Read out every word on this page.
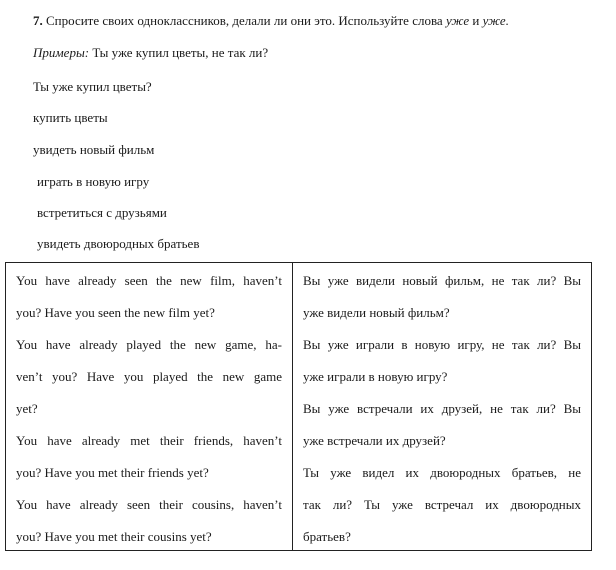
7. Спросите своих одноклассников, делали ли они это. Используйте слова уже и уже.
Примеры: Ты уже купил цветы, не так ли?
Ты уже купил цветы?
купить цветы
увидеть новый фильм
играть в новую игру
встретиться с друзьями
увидеть двоюродных братьев
You have already seen the new film, haven’t
you? Have you seen the new film yet?
You have already played the new game, ha-
ven’t you? Have you played the new game
yet?
You have already met their friends, haven’t
you? Have you met their friends yet?
You have already seen their cousins, haven’t
you? Have you met their cousins yet?
Вы уже видели новый фильм, не так ли? Вы
уже видели новый фильм?
Вы уже играли в новую игру, не так ли? Вы
уже играли в новую игру?
Вы уже встречали их друзей, не так ли? Вы
уже встречали их друзей?
Ты уже видел их двоюродных братьев, не
так ли? Ты уже встречал их двоюродных
братьев?
